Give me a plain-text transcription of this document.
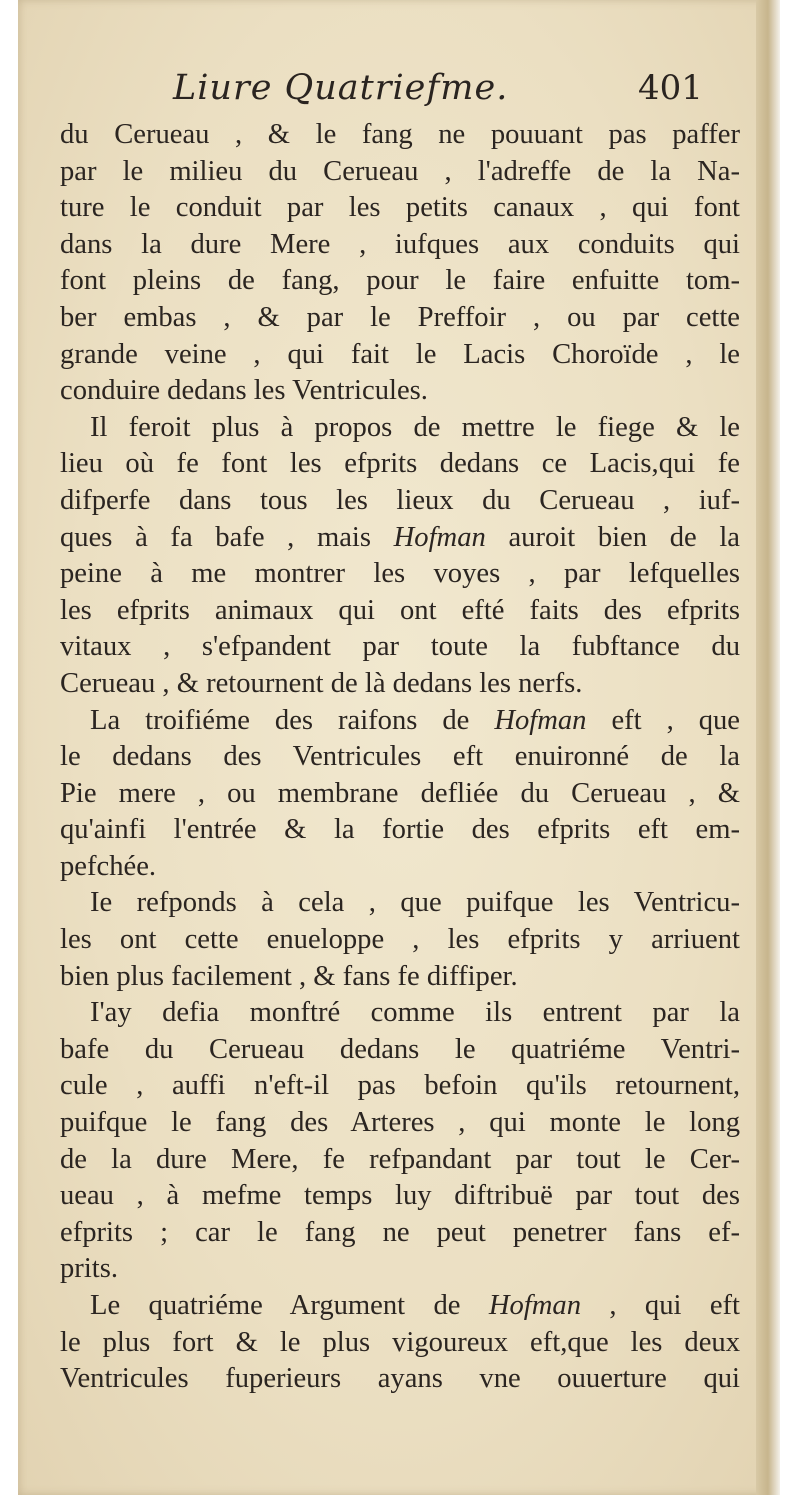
Liure Quatriefme.	401
du Cerueau , & le fang ne pouuant pas paffer
par le milieu du Cerueau , l'adreffe de la Na-
ture le conduit par les petits canaux , qui font
dans la dure Mere , iufques aux conduits qui
font pleins de fang, pour le faire enfuitte tom-
ber embas , & par le Preffoir , ou par cette
grande veine , qui fait le Lacis Choroïde , le
conduire dedans les Ventricules.
Il feroit plus à propos de mettre le fiege & le
lieu où fe font les efprits dedans ce Lacis,qui fe
difperfe dans tous les lieux du Cerueau , iuf-
ques à fa bafe , mais Hofman auroit bien de la
peine à me montrer les voyes , par lefquelles
les efprits animaux qui ont efté faits des efprits
vitaux , s'efpandent par toute la fubftance du
Cerueau , & retournent de là dedans les nerfs.
La troifiéme des raifons de Hofman eft , que
le dedans des Ventricules eft enuironné de la
Pie mere , ou membrane defliée du Cerueau , &
qu'ainfi l'entrée & la fortie des efprits eft em-
pefchée.
Ie refponds à cela , que puifque les Ventricu-
les ont cette enueloppe , les efprits y arriuent
bien plus facilement , & fans fe diffiper.
I'ay defia monftré comme ils entrent par la
bafe du Cerueau dedans le quatriéme Ventri-
cule , auffi n'eft-il pas befoin qu'ils retournent,
puifque le fang des Arteres , qui monte le long
de la dure Mere, fe refpandant par tout le Cer-
ueau , à mefme temps luy diftribuë par tout des
efprits ; car le fang ne peut penetrer fans ef-
prits.
Le quatriéme Argument de Hofman , qui eft
le plus fort & le plus vigoureux eft,que les deux
Ventricules fuperieurs ayans vne ouuerture qui
